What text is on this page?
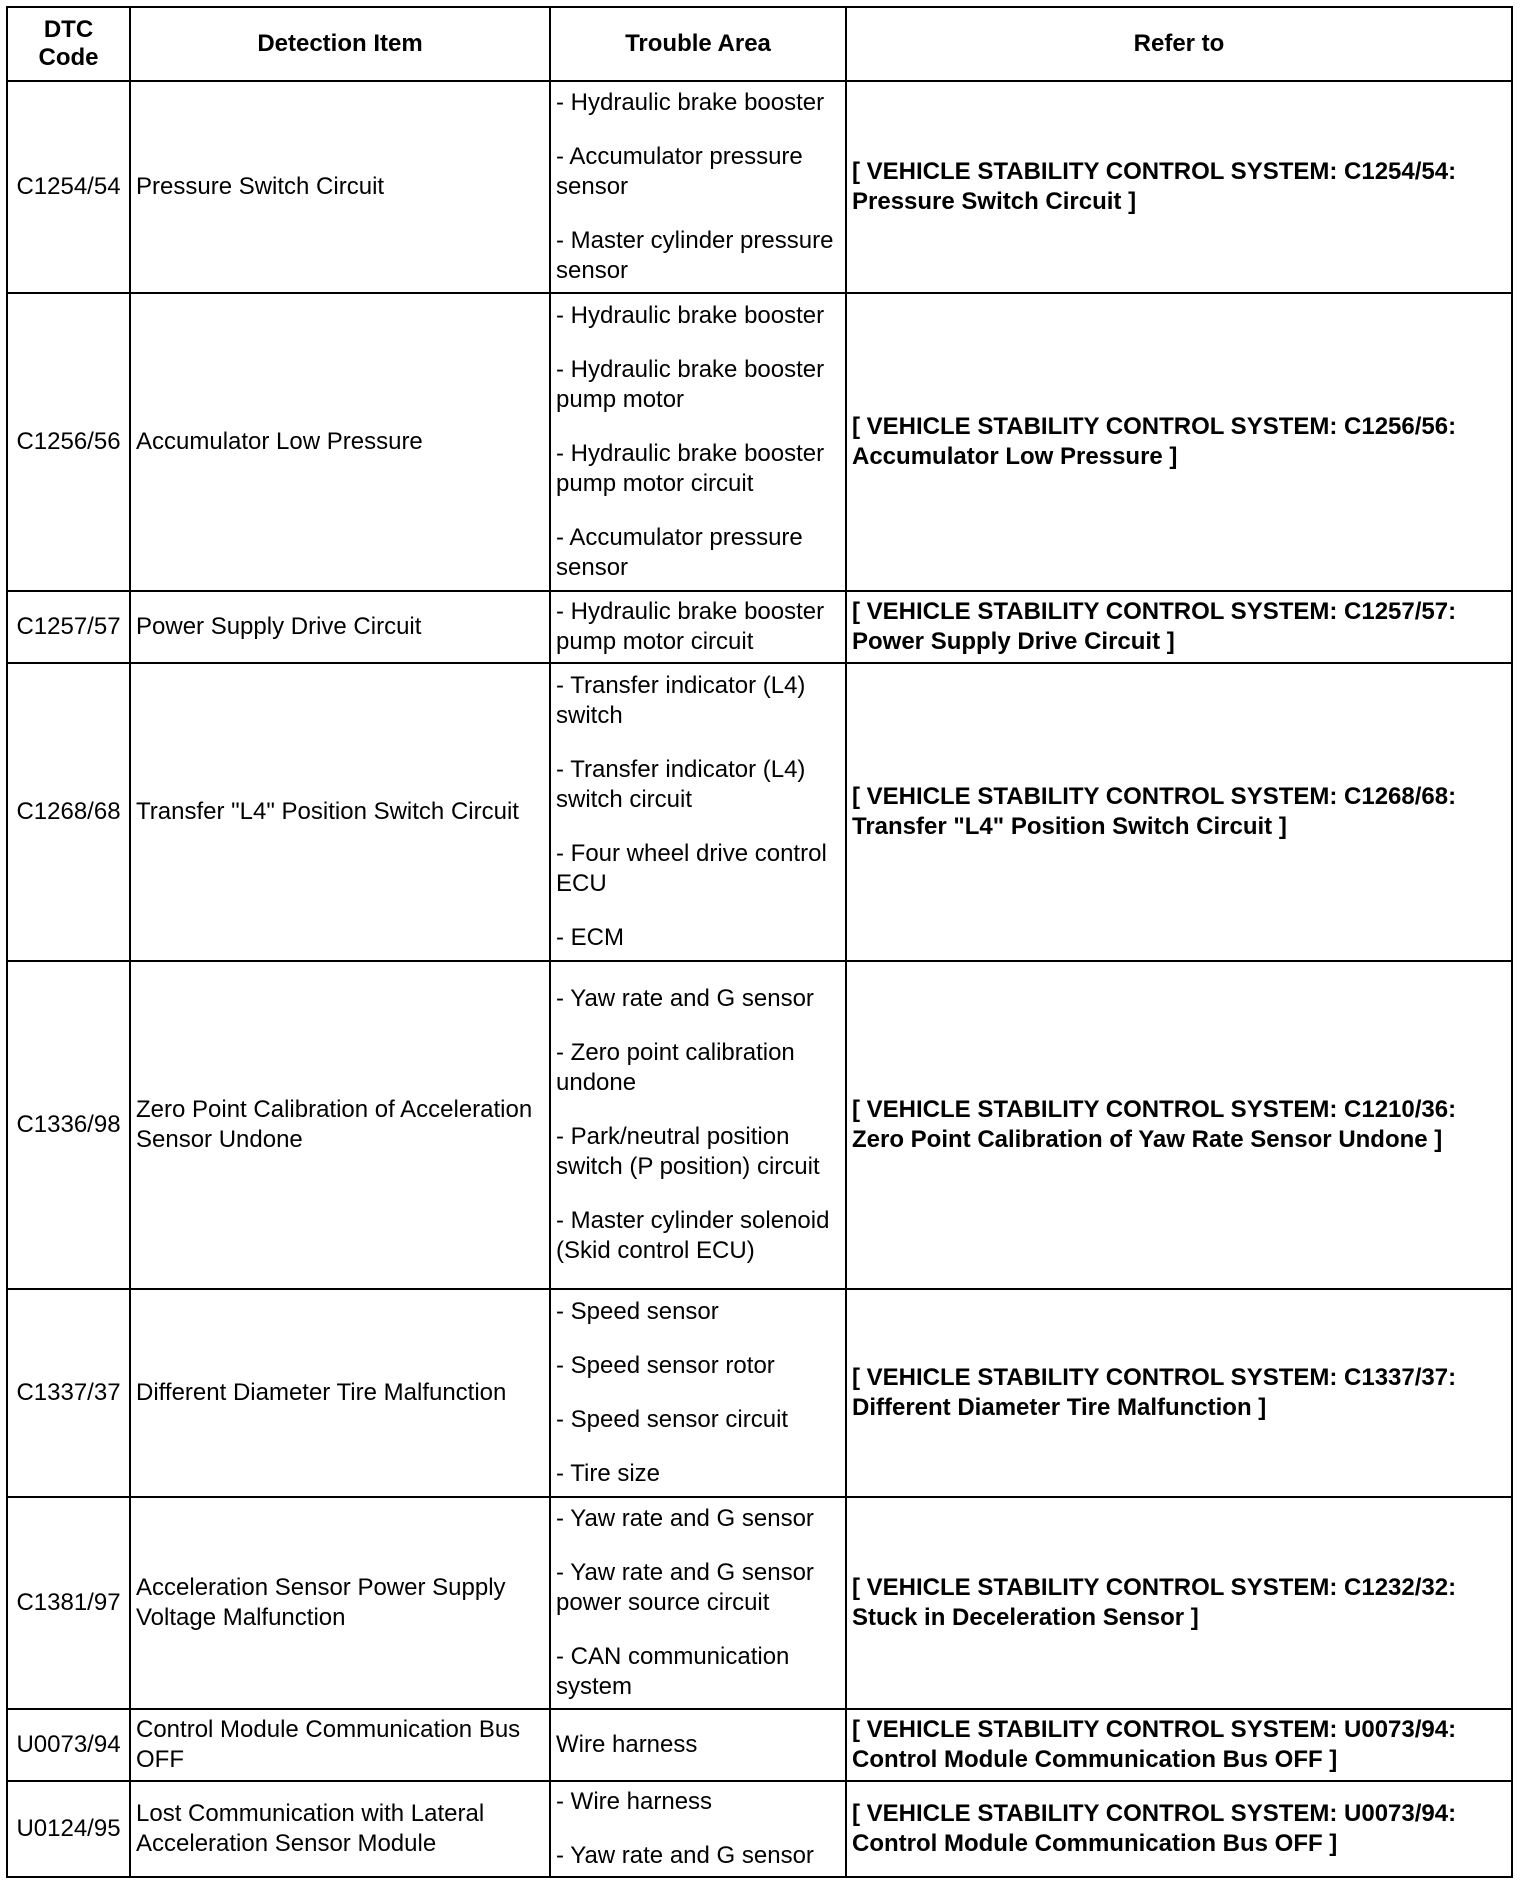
DTC
Code	Detection Item	Trouble Area	Refer to
C1254/54	Pressure Switch Circuit	- Hydraulic brake booster
- Accumulator pressure sensor
- Master cylinder pressure sensor	[ VEHICLE STABILITY CONTROL SYSTEM: C1254/54: Pressure Switch Circuit ]
C1256/56	Accumulator Low Pressure	- Hydraulic brake booster
- Hydraulic brake booster pump motor
- Hydraulic brake booster pump motor circuit
- Accumulator pressure sensor	[ VEHICLE STABILITY CONTROL SYSTEM: C1256/56: Accumulator Low Pressure ]
C1257/57	Power Supply Drive Circuit	- Hydraulic brake booster pump motor circuit	[ VEHICLE STABILITY CONTROL SYSTEM: C1257/57: Power Supply Drive Circuit ]
C1268/68	Transfer "L4" Position Switch Circuit	- Transfer indicator (L4) switch
- Transfer indicator (L4) switch circuit
- Four wheel drive control ECU
- ECM	[ VEHICLE STABILITY CONTROL SYSTEM: C1268/68: Transfer "L4" Position Switch Circuit ]
C1336/98	Zero Point Calibration of Acceleration Sensor Undone	- Yaw rate and G sensor
- Zero point calibration undone
- Park/neutral position switch (P position) circuit
- Master cylinder solenoid (Skid control ECU)	[ VEHICLE STABILITY CONTROL SYSTEM: C1210/36: Zero Point Calibration of Yaw Rate Sensor Undone ]
C1337/37	Different Diameter Tire Malfunction	- Speed sensor
- Speed sensor rotor
- Speed sensor circuit
- Tire size	[ VEHICLE STABILITY CONTROL SYSTEM: C1337/37: Different Diameter Tire Malfunction ]
C1381/97	Acceleration Sensor Power Supply Voltage Malfunction	- Yaw rate and G sensor
- Yaw rate and G sensor power source circuit
- CAN communication system	[ VEHICLE STABILITY CONTROL SYSTEM: C1232/32: Stuck in Deceleration Sensor ]
U0073/94	Control Module Communication Bus OFF	Wire harness	[ VEHICLE STABILITY CONTROL SYSTEM: U0073/94: Control Module Communication Bus OFF ]
U0124/95	Lost Communication with Lateral Acceleration Sensor Module	- Wire harness
- Yaw rate and G sensor	[ VEHICLE STABILITY CONTROL SYSTEM: U0073/94: Control Module Communication Bus OFF ]
